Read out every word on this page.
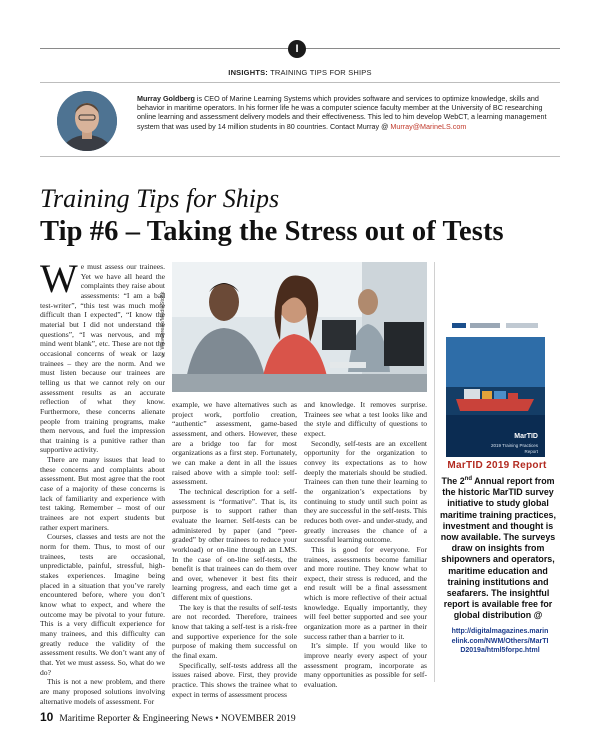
I
INSIGHTS: TRAINING TIPS FOR SHIPS
Murray Goldberg is CEO of Marine Learning Systems which provides software and services to optimize knowledge, skills and behavior in maritime operators. In his former life he was a computer science faculty member at the University of BC researching online learning and assessment delivery models and their effectiveness. This led to him develop WebCT, a learning management system that was used by 14 million students in 80 countries. Contact Murray @ Murray@MarineLS.com
Training Tips for Ships
Tip #6 – Taking the Stress out of Tests
© Wavebreak/MediaStock

We must assess our trainees. Yet we have all heard the complaints they raise about assessments: “I am a bad test-writer”, “this test was much more difficult than I expected”, “I know the material but I did not understand the questions”, “I was nervous, and my mind went blank”, etc. These are not the occasional concerns of weak or lazy trainees – they are the norm. And we must listen because our trainees are telling us that we cannot rely on our assessment results as an accurate reflection of what they know. Furthermore, these concerns alienate people from training programs, make them nervous, and fuel the impression that training is a punitive rather than supportive activity.

There are many issues that lead to these concerns and complaints about assessment. But most agree that the root case of a majority of these concerns is lack of familiarity and experience with test taking. Remember – most of our trainees are not expert students but rather expert mariners.

Courses, classes and tests are not the norm for them. Thus, to most of our trainees, tests are occasional, unpredictable, painful, stressful, high-stakes experiences. Imagine being placed in a situation that you’ve rarely encountered before, where you don’t know what to expect, and where the outcome may be pivotal to your future. This is a very difficult experience for many trainees, and this difficulty can greatly reduce the validity of the assessment results. We don’t want any of that. Yet we must assess. So, what do we do?

This is not a new problem, and there are many proposed solutions involving alternative models of assessment. For

example, we have alternatives such as project work, portfolio creation, “authentic” assessment, game-based assessment, and others. However, these are a bridge too far for most organizations as a first step. Fortunately, we can make a dent in all the issues raised above with a simple tool: self-assessment.

The technical description for a self-assessment is “formative”. That is, its purpose is to support rather than evaluate the learner. Self-tests can be administered by paper (and “peer-graded” by other trainees to reduce your workload) or on-line through an LMS. In the case of on-line self-tests, the benefit is that trainees can do them over and over, whenever it best fits their learning progress, and each time get a different mix of questions.

The key is that the results of self-tests are not recorded. Therefore, trainees know that taking a self-test is a risk-free and supportive experience for the sole purpose of making them successful on the final exam.

Specifically, self-tests address all the issues raised above. First, they provide practice. This shows the trainee what to expect in terms of assessment process

and knowledge. It removes surprise. Trainees see what a test looks like and the style and difficulty of questions to expect.

Secondly, self-tests are an excellent opportunity for the organization to convey its expectations as to how deeply the materials should be studied. Trainees can then tune their learning to the organization’s expectations by continuing to study until such point as they are successful in the self-tests. This reduces both over- and under-study, and greatly increases the chance of a successful learning outcome.

This is good for everyone. For trainees, assessments become familiar and more routine. They know what to expect, their stress is reduced, and the end result will be a final assessment which is more reflective of their actual knowledge. Equally importantly, they will feel better supported and see your organization more as a partner in their success rather than a barrier to it.

It’s simple. If you would like to improve nearly every aspect of your assessment program, incorporate as many opportunities as possible for self-evaluation.

MarTID
2019 Training Practices Report
MarTID 2019 Report
The 2nd Annual report from the historic MarTID survey initiative to study global maritime training practices, investment and thought is now available. The surveys draw on insights from shipowners and operators, maritime education and training institutions and seafarers. The insightful report is available free for global distribution @
http://digitalmagazines.marinelink.com/NWM/Others/MarTID2019a/html5forpc.html
10 Maritime Reporter & Engineering News • NOVEMBER 2019
